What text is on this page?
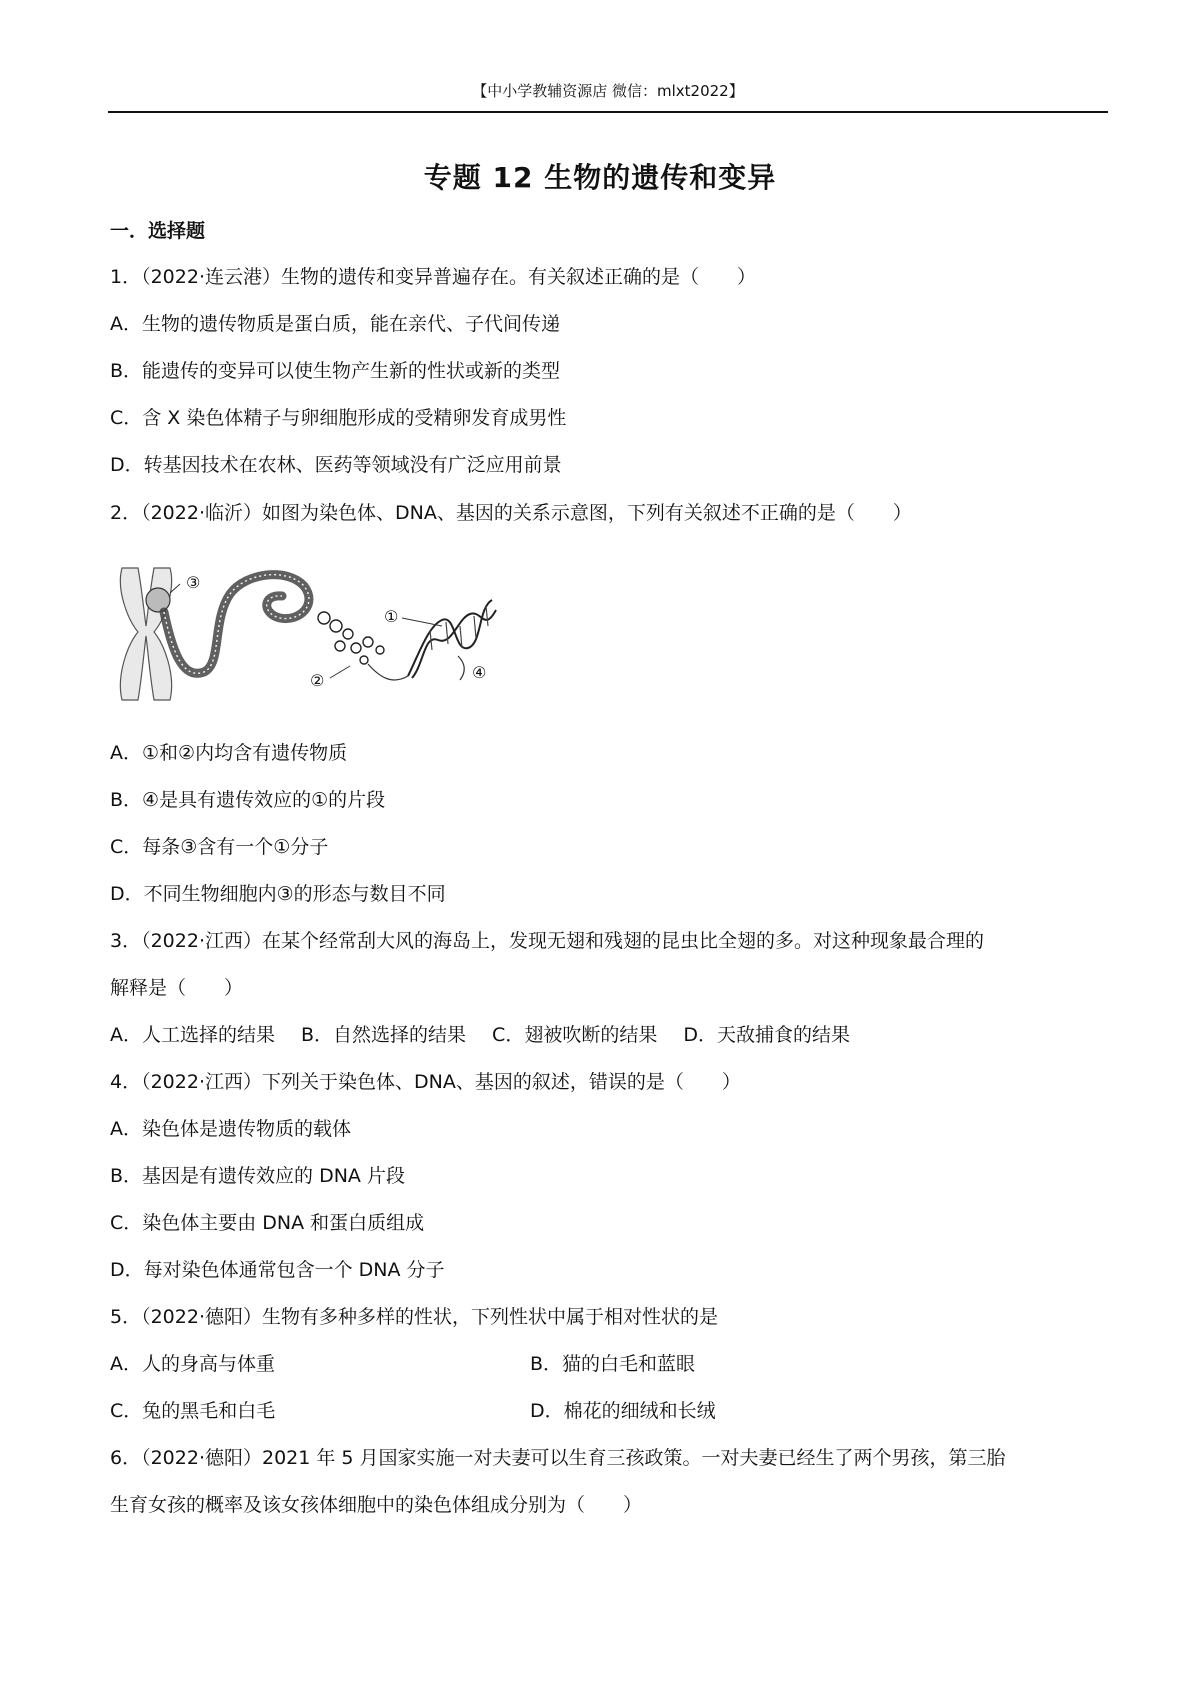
【中小学教辅资源店 微信：mlxt2022】
专题 12 生物的遗传和变异
一．选择题
1．（2022·连云港）生物的遗传和变异普遍存在。有关叙述正确的是（　　）
A．生物的遗传物质是蛋白质，能在亲代、子代间传递
B．能遗传的变异可以使生物产生新的性状或新的类型
C．含 X 染色体精子与卵细胞形成的受精卵发育成男性
D．转基因技术在农林、医药等领域没有广泛应用前景
2．（2022·临沂）如图为染色体、DNA、基因的关系示意图，下列有关叙述不正确的是（　　）
③
①
②	④
A．①和②内均含有遗传物质
B．④是具有遗传效应的①的片段
C．每条③含有一个①分子
D．不同生物细胞内③的形态与数目不同
3．（2022·江西）在某个经常刮大风的海岛上，发现无翅和残翅的昆虫比全翅的多。对这种现象最合理的
解释是（　　）
A．人工选择的结果 B．自然选择的结果 C．翅被吹断的结果 D．天敌捕食的结果
4．（2022·江西）下列关于染色体、DNA、基因的叙述，错误的是（　　）
A．染色体是遗传物质的载体
B．基因是有遗传效应的 DNA 片段
C．染色体主要由 DNA 和蛋白质组成
D．每对染色体通常包含一个 DNA 分子
5．（2022·德阳）生物有多种多样的性状，下列性状中属于相对性状的是
A．人的身高与体重	B．猫的白毛和蓝眼
C．兔的黑毛和白毛	D．棉花的细绒和长绒
6．（2022·德阳）2021 年 5 月国家实施一对夫妻可以生育三孩政策。一对夫妻已经生了两个男孩，第三胎
生育女孩的概率及该女孩体细胞中的染色体组成分别为（　　）
